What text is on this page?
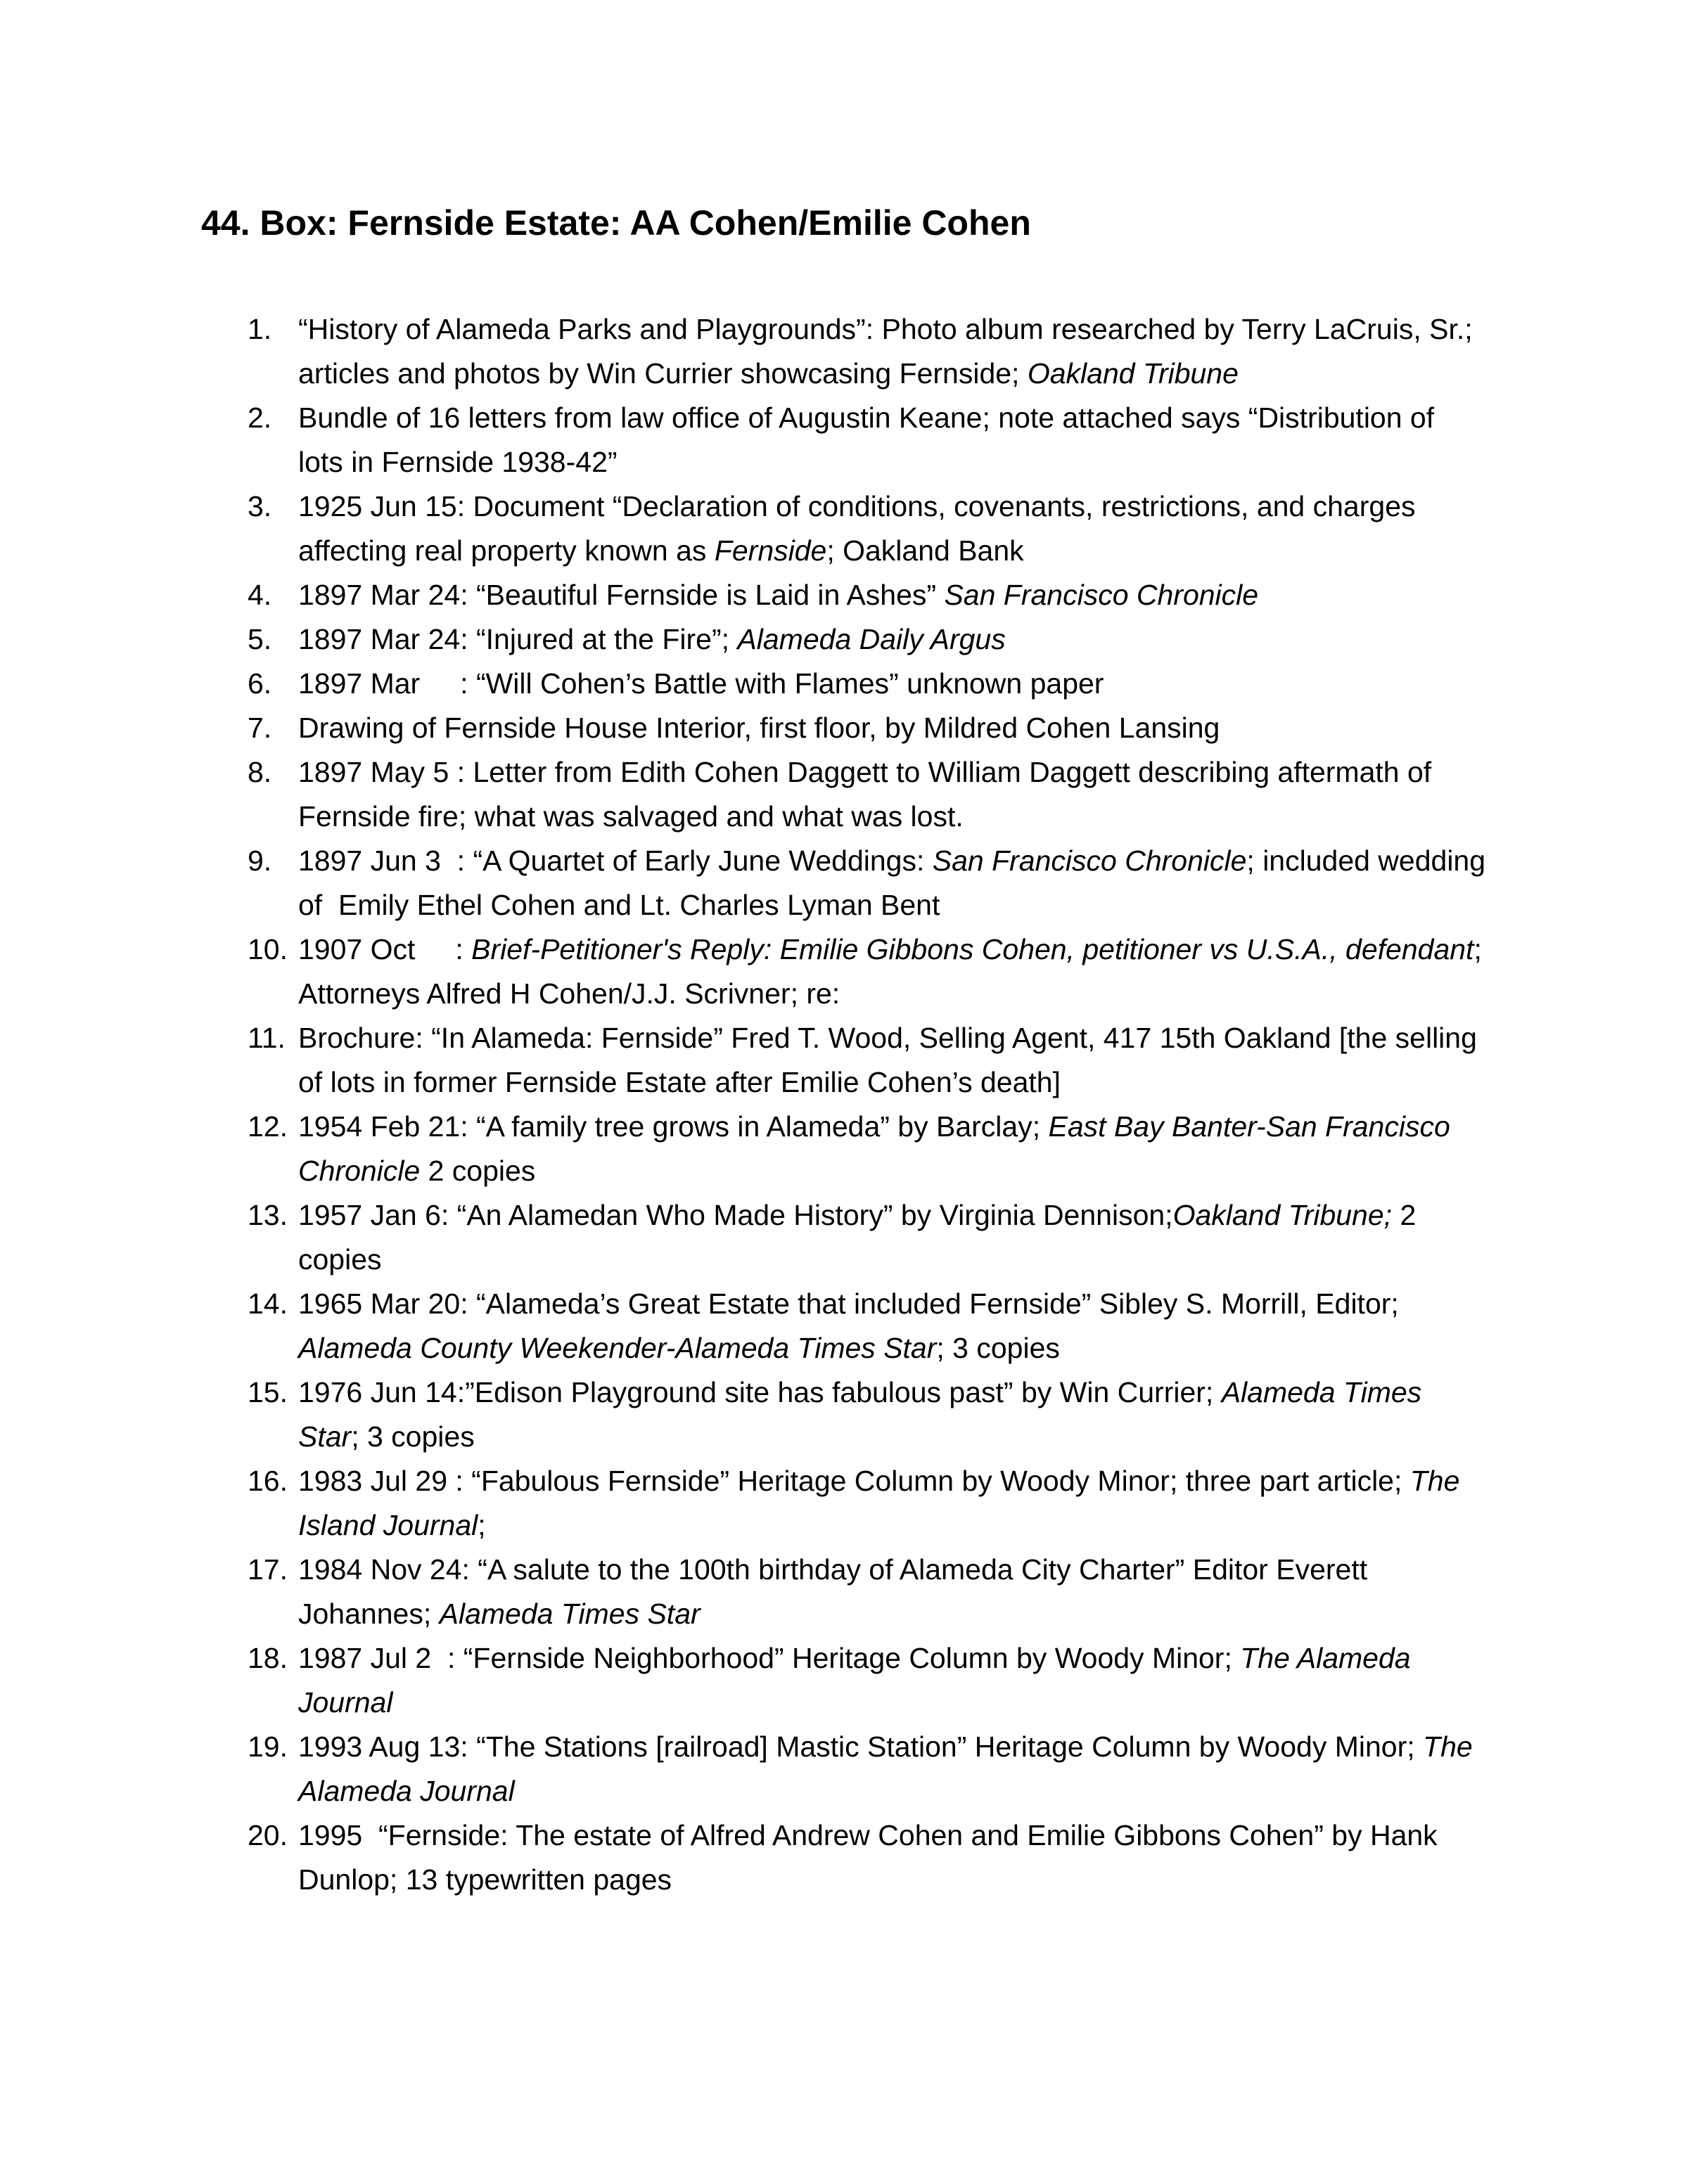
44. Box: Fernside Estate: AA Cohen/Emilie Cohen
1. “History of Alameda Parks and Playgrounds”: Photo album researched by Terry LaCruis, Sr.; articles and photos by Win Currier showcasing Fernside; Oakland Tribune
2. Bundle of 16 letters from law office of Augustin Keane; note attached says “Distribution of lots in Fernside 1938-42”
3. 1925 Jun 15: Document “Declaration of conditions, covenants, restrictions, and charges affecting real property known as Fernside; Oakland Bank
4. 1897 Mar 24: “Beautiful Fernside is Laid in Ashes” San Francisco Chronicle
5. 1897 Mar 24: “Injured at the Fire”; Alameda Daily Argus
6. 1897 Mar     : “Will Cohen’s Battle with Flames” unknown paper
7. Drawing of Fernside House Interior, first floor, by Mildred Cohen Lansing
8. 1897 May 5 : Letter from Edith Cohen Daggett to William Daggett describing aftermath of Fernside fire; what was salvaged and what was lost.
9. 1897 Jun 3  : “A Quartet of Early June Weddings: San Francisco Chronicle; included wedding of  Emily Ethel Cohen and Lt. Charles Lyman Bent
10. 1907 Oct     : Brief-Petitioner's Reply: Emilie Gibbons Cohen, petitioner vs U.S.A., defendant; Attorneys Alfred H Cohen/J.J. Scrivner; re:
11. Brochure: “In Alameda: Fernside” Fred T. Wood, Selling Agent, 417 15th Oakland [the selling of lots in former Fernside Estate after Emilie Cohen’s death]
12. 1954 Feb 21: “A family tree grows in Alameda” by Barclay; East Bay Banter-San Francisco Chronicle 2 copies
13. 1957 Jan 6: “An Alamedan Who Made History” by Virginia Dennison;Oakland Tribune; 2 copies
14. 1965 Mar 20: “Alameda’s Great Estate that included Fernside” Sibley S. Morrill, Editor; Alameda County Weekender-Alameda Times Star; 3 copies
15. 1976 Jun 14:”Edison Playground site has fabulous past” by Win Currier; Alameda Times Star; 3 copies
16. 1983 Jul 29 : “Fabulous Fernside” Heritage Column by Woody Minor; three part article; The Island Journal;
17. 1984 Nov 24: “A salute to the 100th birthday of Alameda City Charter” Editor Everett Johannes; Alameda Times Star
18. 1987 Jul 2  : “Fernside Neighborhood” Heritage Column by Woody Minor; The Alameda Journal
19. 1993 Aug 13: “The Stations [railroad] Mastic Station” Heritage Column by Woody Minor; The Alameda Journal
20. 1995  “Fernside: The estate of Alfred Andrew Cohen and Emilie Gibbons Cohen” by Hank Dunlop; 13 typewritten pages
